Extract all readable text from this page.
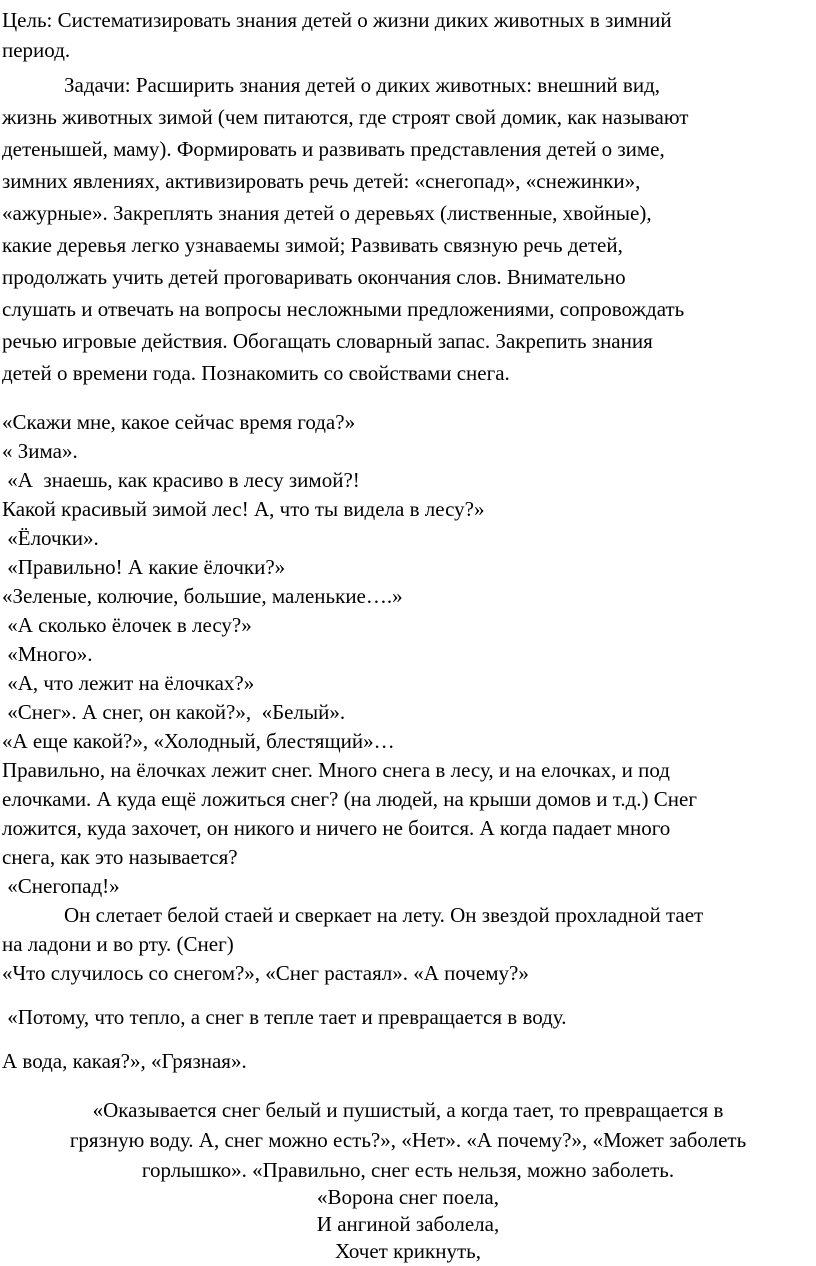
Цель: Систематизировать знания детей о жизни диких животных в зимний
период.
Задачи: Расширить знания детей о диких животных: внешний вид,
жизнь животных зимой (чем питаются, где строят свой домик, как называют
детенышей, маму). Формировать и развивать представления детей о зиме,
зимних явлениях, активизировать речь детей: «снегопад», «снежинки»,
«ажурные». Закреплять знания детей о деревьях (лиственные, хвойные),
какие деревья легко узнаваемы зимой; Развивать связную речь детей,
продолжать учить детей проговаривать окончания слов. Внимательно
слушать и отвечать на вопросы несложными предложениями, сопровождать
речью игровые действия. Обогащать словарный запас. Закрепить знания
детей о времени года. Познакомить со свойствами снега.
«Скажи мне, какое сейчас время года?»
« Зима».
«А  знаешь, как красиво в лесу зимой?!
Какой красивый зимой лес! А, что ты видела в лесу?»
«Ёлочки».
«Правильно! А какие ёлочки?»
«Зеленые, колючие, большие, маленькие….»
«А сколько ёлочек в лесу?»
«Много».
«А, что лежит на ёлочках?»
«Снег». А снег, он какой?»,  «Белый».
«А еще какой?», «Холодный, блестящий»…
Правильно, на ёлочках лежит снег. Много снега в лесу, и на елочках, и под
елочками. А куда ещё ложиться снег? (на людей, на крыши домов и т.д.) Снег
ложится, куда захочет, он никого и ничего не боится. А когда падает много
снега, как это называется?
«Снегопад!»
Он слетает белой стаей и сверкает на лету. Он звездой прохладной тает
на ладони и во рту. (Снег)
«Что случилось со снегом?», «Снег растаял». «А почему?»
«Потому, что тепло, а снег в тепле тает и превращается в воду.
А вода, какая?», «Грязная».
«Оказывается снег белый и пушистый, а когда тает, то превращается в
грязную воду. А, снег можно есть?», «Нет». «А почему?», «Может заболеть
горлышко». «Правильно, снег есть нельзя, можно заболеть.
«Ворона снег поела,
И ангиной заболела,
Хочет крикнуть,
